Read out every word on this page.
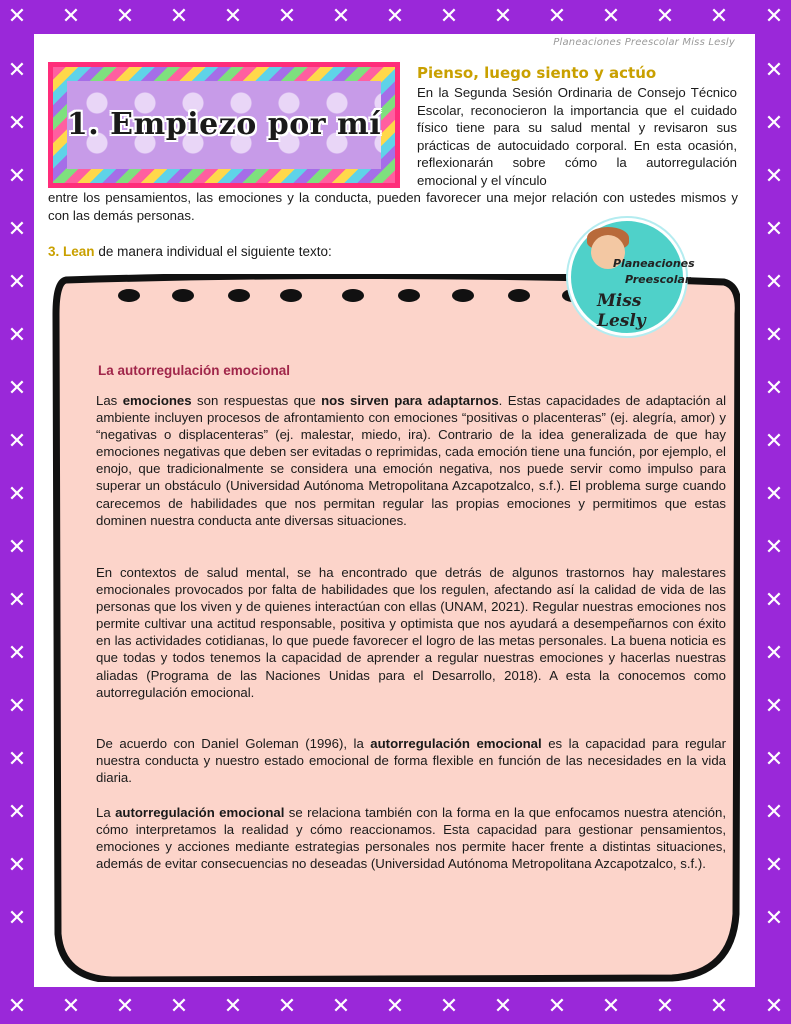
✕
✕
✕
✕
✕
✕
✕
✕
✕
✕
✕
✕
✕
✕
✕
✕
✕
✕
✕
✕
✕
✕
✕
✕
✕
✕
✕	✕
✕	✕
✕	✕
✕	✕
✕	✕
✕	✕
✕	✕
✕	✕
✕	✕
✕	✕
✕	✕
✕	✕
✕	✕
✕	✕
✕	✕
✕	✕
✕	✕
✕	✕
✕	✕
Planeaciones Preescolar Miss Lesly
1. Empiezo por mí
Pienso, luego siento y actúo
En la Segunda Sesión Ordinaria de Consejo Técnico Escolar, reconocieron la importancia que el cuidado físico tiene para su salud mental y revisaron sus prácticas de autocuidado corporal. En esta ocasión, reflexionarán sobre cómo la autorregulación emocional y el vínculo
entre los pensamientos, las emociones y la conducta, pueden favorecer una mejor relación con ustedes mismos y con las demás personas.
3. Lean de manera individual el siguiente texto:
La autorregulación emocional
Las emociones son respuestas que nos sirven para adaptarnos. Estas capacidades de adaptación al ambiente incluyen procesos de afrontamiento con emociones “positivas o placenteras” (ej. alegría, amor) y “negativas o displacenteras” (ej. malestar, miedo, ira). Contrario de la idea generalizada de que hay emociones negativas que deben ser evitadas o reprimidas, cada emoción tiene una función, por ejemplo, el enojo, que tradicionalmente se considera una emoción negativa, nos puede servir como impulso para superar un obstáculo (Universidad Autónoma Metropolitana Azcapotzalco, s.f.). El problema surge cuando carecemos de habilidades que nos permitan regular las propias emociones y permitimos que estas dominen nuestra conducta ante diversas situaciones.
En contextos de salud mental, se ha encontrado que detrás de algunos trastornos hay malestares emocionales provocados por falta de habilidades que los regulen, afectando así la calidad de vida de las personas que los viven y de quienes interactúan con ellas (UNAM, 2021). Regular nuestras emociones nos permite cultivar una actitud responsable, positiva y optimista que nos ayudará a desempeñarnos con éxito en las actividades cotidianas, lo que puede favorecer el logro de las metas personales. La buena noticia es que todas y todos tenemos la capacidad de aprender a regular nuestras emociones y hacerlas nuestras aliadas (Programa de las Naciones Unidas para el Desarrollo, 2018). A esta la conocemos como autorregulación emocional.
De acuerdo con Daniel Goleman (1996), la autorregulación emocional es la capacidad para regular nuestra conducta y nuestro estado emocional de forma flexible en función de las necesidades en la vida diaria.
La autorregulación emocional se relaciona también con la forma en la que enfocamos nuestra atención, cómo interpretamos la realidad y cómo reaccionamos. Esta capacidad para gestionar pensamientos, emociones y acciones mediante estrategias personales nos permite hacer frente a distintas situaciones, además de evitar consecuencias no deseadas (Universidad Autónoma Metropolitana Azcapotzalco, s.f.).
Planeaciones
Preescolar
Miss Lesly
